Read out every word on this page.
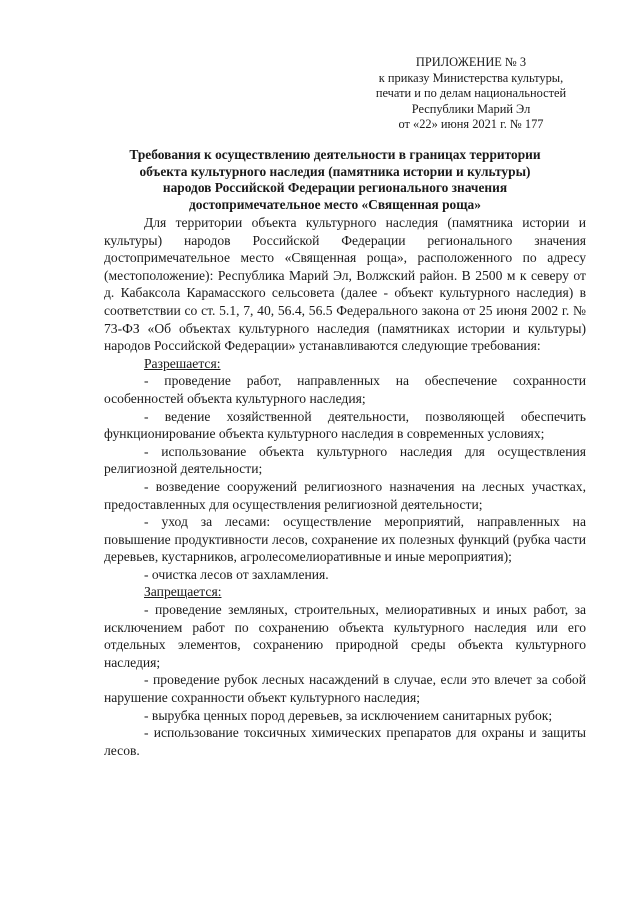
ПРИЛОЖЕНИЕ № 3
к приказу Министерства культуры,
печати и по делам национальностей
Республики Марий Эл
от «22» июня 2021 г. № 177
Требования к осуществлению деятельности в границах территории
объекта культурного наследия (памятника истории и культуры)
народов Российской Федерации регионального значения
достопримечательное место «Священная роща»

Для территории объекта культурного наследия (памятника истории и культуры) народов Российской Федерации регионального значения достопримечательное место «Священная роща», расположенного по адресу (местоположение): Республика Марий Эл, Волжский район. В 2500 м к северу от д. Кабаксола Карамасского сельсовета (далее - объект культурного наследия) в соответствии со ст. 5.1, 7, 40, 56.4, 56.5 Федерального закона от 25 июня 2002 г. № 73-ФЗ «Об объектах культурного наследия (памятниках истории и культуры) народов Российской Федерации» устанавливаются следующие требования:

Разрешается:

- проведение работ, направленных на обеспечение сохранности особенностей объекта культурного наследия;

- ведение хозяйственной деятельности, позволяющей обеспечить функционирование объекта культурного наследия в современных условиях;

- использование объекта культурного наследия для осуществления религиозной деятельности;

- возведение сооружений религиозного назначения на лесных участках, предоставленных для осуществления религиозной деятельности;

- уход за лесами: осуществление мероприятий, направленных на повышение продуктивности лесов, сохранение их полезных функций (рубка части деревьев, кустарников, агролесомелиоративные и иные мероприятия);

- очистка лесов от захламления.

Запрещается:

- проведение земляных, строительных, мелиоративных и иных работ, за исключением работ по сохранению объекта культурного наследия или его отдельных элементов, сохранению природной среды объекта культурного наследия;

- проведение рубок лесных насаждений в случае, если это влечет за собой нарушение сохранности объект культурного наследия;

- вырубка ценных пород деревьев, за исключением санитарных рубок;

- использование токсичных химических препаратов для охраны и защиты лесов.
